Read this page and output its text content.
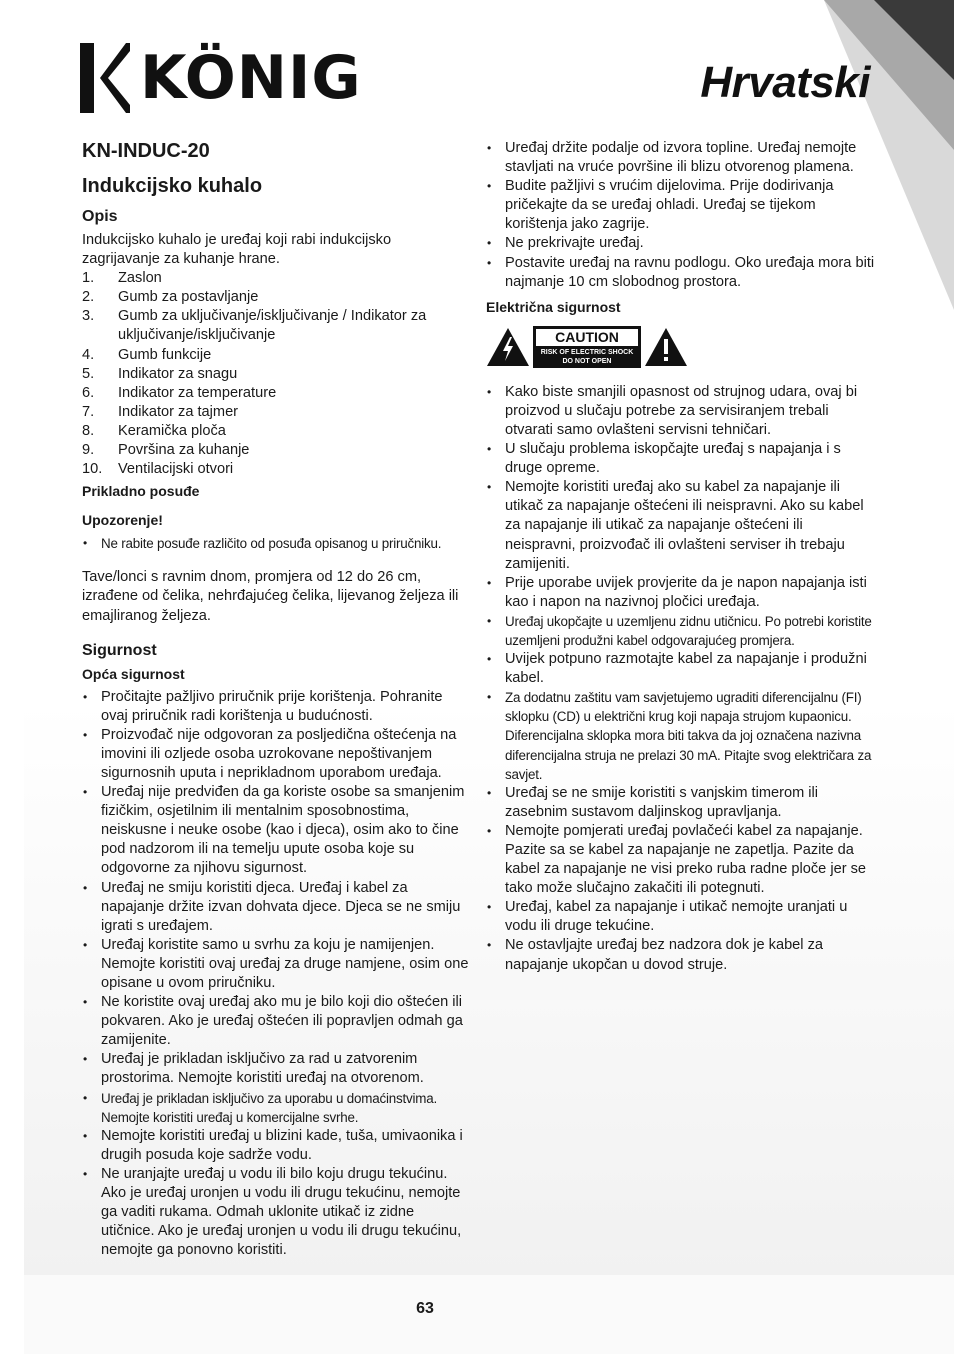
KÖNIG	Hrvatski
KN-INDUC-20
Indukcijsko kuhalo
Opis

Indukcijsko kuhalo je uređaj koji rabi indukcijsko zagrijavanje za kuhanje hrane.

1. Zaslon
2. Gumb za postavljanje
3. Gumb za uključivanje/isključivanje / Indikator za uključivanje/isključivanje
4. Gumb funkcije
5. Indikator za snagu
6. Indikator za temperature
7. Indikator za tajmer
8. Keramička ploča
9. Površina za kuhanje
10. Ventilacijski otvori
Prikladno posuđe
Upozorenje!
• Ne rabite posuđe različito od posuđa opisanog u priručniku.

Tave/lonci s ravnim dnom, promjera od 12 do 26 cm, izrađene od čelika, nehrđajućeg čelika, lijevanog željeza ili emajliranog željeza.

Sigurnost
Opća sigurnost
• Pročitajte pažljivo priručnik prije korištenja. Pohranite ovaj priručnik radi korištenja u budućnosti.
• Proizvođač nije odgovoran za posljedična oštećenja na imovini ili ozljede osoba uzrokovane nepoštivanjem sigurnosnih uputa i neprikladnom uporabom uređaja.
• Uređaj nije predviđen da ga koriste osobe sa smanjenim fizičkim, osjetilnim ili mentalnim sposobnostima, neiskusne i neuke osobe (kao i djeca), osim ako to čine pod nadzorom ili na temelju upute osoba koje su odgovorne za njihovu sigurnost.
• Uređaj ne smiju koristiti djeca. Uređaj i kabel za napajanje držite izvan dohvata djece. Djeca se ne smiju igrati s uređajem.
• Uređaj koristite samo u svrhu za koju je namijenjen. Nemojte koristiti ovaj uređaj za druge namjene, osim one opisane u ovom priručniku.
• Ne koristite ovaj uređaj ako mu je bilo koji dio oštećen ili pokvaren. Ako je uređaj oštećen ili popravljen odmah ga zamijenite.
• Uređaj je prikladan isključivo za rad u zatvorenim prostorima. Nemojte koristiti uređaj na otvorenom.
• Uređaj je prikladan isključivo za uporabu u domaćinstvima. Nemojte koristiti uređaj u komercijalne svrhe.
• Nemojte koristiti uređaj u blizini kade, tuša, umivaonika i drugih posuda koje sadrže vodu.
• Ne uranjajte uređaj u vodu ili bilo koju drugu tekućinu. Ako je uređaj uronjen u vodu ili drugu tekućinu, nemojte ga vaditi rukama. Odmah uklonite utikač iz zidne utičnice. Ako je uređaj uronjen u vodu ili drugu tekućinu, nemojte ga ponovno koristiti.
• Uređaj držite podalje od izvora topline. Uređaj nemojte stavljati na vruće površine ili blizu otvorenog plamena.
• Budite pažljivi s vrućim dijelovima. Prije dodirivanja pričekajte da se uređaj ohladi. Uređaj se tijekom korištenja jako zagrije.
• Ne prekrivajte uređaj.
• Postavite uređaj na ravnu podlogu. Oko uređaja mora biti najmanje 10 cm slobodnog prostora.
Električna sigurnost
CAUTION
RISK OF ELECTRIC SHOCK
DO NOT OPEN
• Kako biste smanjili opasnost od strujnog udara, ovaj bi proizvod u slučaju potrebe za servisiranjem trebali otvarati samo ovlašteni servisni tehničari.
• U slučaju problema iskopčajte uređaj s napajanja i s druge opreme.
• Nemojte koristiti uređaj ako su kabel za napajanje ili utikač za napajanje oštećeni ili neispravni. Ako su kabel za napajanje ili utikač za napajanje oštećeni ili neispravni, proizvođač ili ovlašteni serviser ih trebaju zamijeniti.
• Prije uporabe uvijek provjerite da je napon napajanja isti kao i napon na nazivnoj pločici uređaja.
• Uređaj ukopčajte u uzemljenu zidnu utičnicu. Po potrebi koristite uzemljeni produžni kabel odgovarajućeg promjera.
• Uvijek potpuno razmotajte kabel za napajanje i produžni kabel.
• Za dodatnu zaštitu vam savjetujemo ugraditi diferencijalnu (FI) sklopku (CD) u električni krug koji napaja strujom kupaonicu. Diferencijalna sklopka mora biti takva da joj označena nazivna diferencijalna struja ne prelazi 30 mA. Pitajte svog električara za savjet.
• Uređaj se ne smije koristiti s vanjskim timerom ili zasebnim sustavom daljinskog upravljanja.
• Nemojte pomjerati uređaj povlačeći kabel za napajanje. Pazite sa se kabel za napajanje ne zapetlja. Pazite da kabel za napajanje ne visi preko ruba radne ploče jer se tako može slučajno zakačiti ili potegnuti.
• Uređaj, kabel za napajanje i utikač nemojte uranjati u vodu ili druge tekućine.
• Ne ostavljajte uređaj bez nadzora dok je kabel za napajanje ukopčan u dovod struje.
63
